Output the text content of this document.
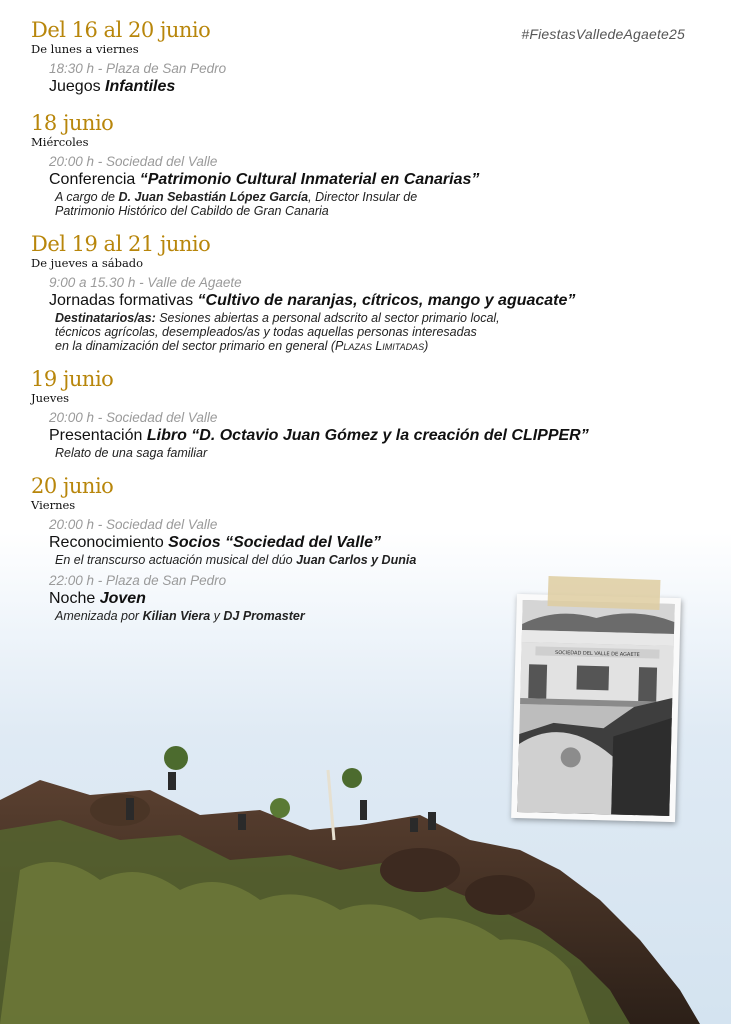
#FiestasValledeAgaete25
Del 16 al 20 junio
De lunes a viernes
18:30 h - Plaza de San Pedro
Juegos Infantiles
18 junio
Miércoles
20:00 h - Sociedad del Valle
Conferencia “Patrimonio Cultural Inmaterial en Canarias”
A cargo de D. Juan Sebastián López García, Director Insular de
Patrimonio Histórico del Cabildo de Gran Canaria
Del 19 al 21 junio
De jueves a sábado
9:00 a 15.30 h - Valle de Agaete
Jornadas formativas “Cultivo de naranjas, cítricos, mango y aguacate”
Destinatarios/as: Sesiones abiertas a personal adscrito al sector primario local,
técnicos agrícolas, desempleados/as y todas aquellas personas interesadas
en la dinamización del sector primario en general (Plazas Limitadas)
19 junio
Jueves
20:00 h - Sociedad del Valle
Presentación Libro “D. Octavio Juan Gómez y la creación del CLIPPER”
Relato de una saga familiar
20 junio
Viernes
20:00 h - Sociedad del Valle
Reconocimiento Socios “Sociedad del Valle”
En el transcurso actuación musical del dúo Juan Carlos y Dunia
22:00 h - Plaza de San Pedro
Noche Joven
Amenizada por Kilian Viera y DJ Promaster
SOCIEDAD DEL VALLE DE AGAETE
